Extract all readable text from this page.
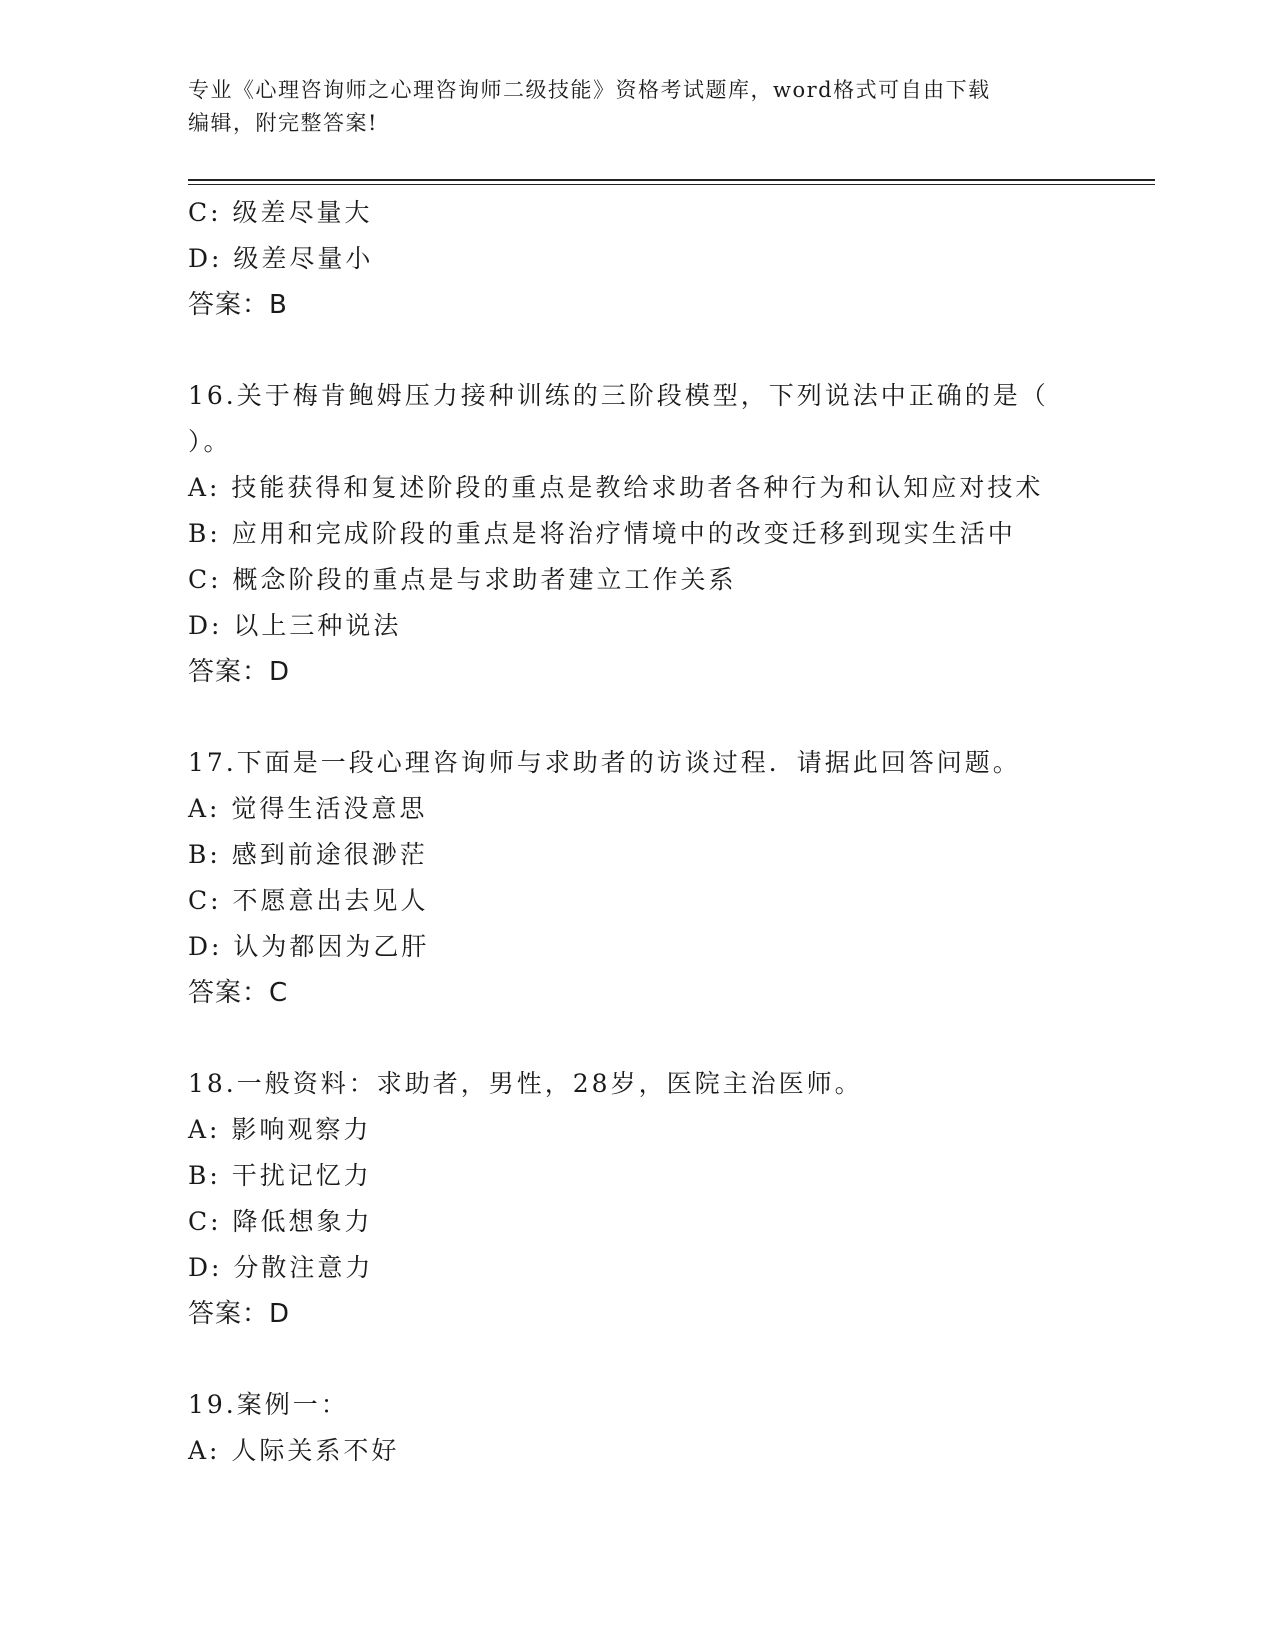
专业《心理咨询师之心理咨询师二级技能》资格考试题库，word格式可自由下载
编辑，附完整答案!
C: 级差尽量大
D: 级差尽量小
答案：B
16.关于梅肯鲍姆压力接种训练的三阶段模型，下列说法中正确的是（
）。
A: 技能获得和复述阶段的重点是教给求助者各种行为和认知应对技术
B: 应用和完成阶段的重点是将治疗情境中的改变迁移到现实生活中
C: 概念阶段的重点是与求助者建立工作关系
D: 以上三种说法
答案：D
17.下面是一段心理咨询师与求助者的访谈过程．请据此回答问题。
A: 觉得生活没意思
B: 感到前途很渺茫
C: 不愿意出去见人
D: 认为都因为乙肝
答案：C
18.一般资料：求助者，男性，28岁，医院主治医师。
A: 影响观察力
B: 干扰记忆力
C: 降低想象力
D: 分散注意力
答案：D
19.案例一：
A: 人际关系不好
